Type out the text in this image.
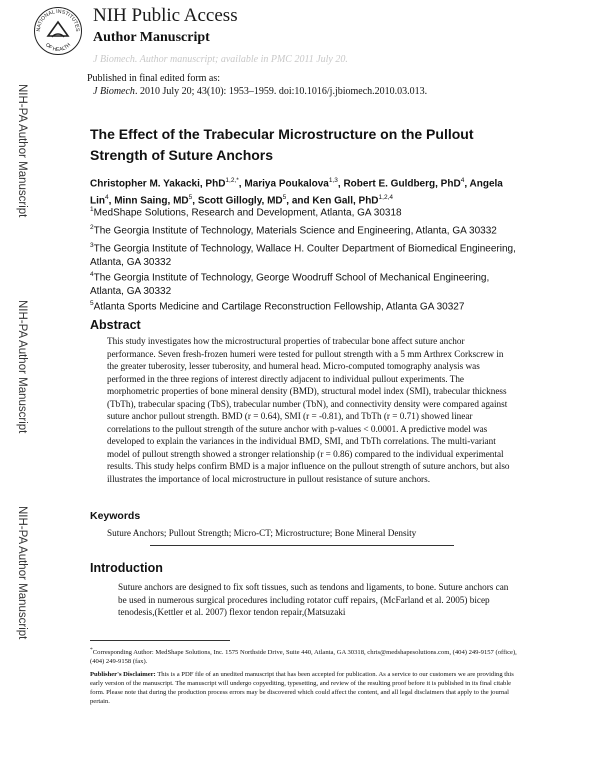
NATIONAL INSTITUTES
OF HEALTH
NIH Public Access
Author Manuscript
J Biomech. Author manuscript; available in PMC 2011 July 20.
Published in final edited form as:
J Biomech. 2010 July 20; 43(10): 1953–1959. doi:10.1016/j.jbiomech.2010.03.013.
NIH-PA Author Manuscript
NIH-PA Author Manuscript
NIH-PA Author Manuscript
The Effect of the Trabecular Microstructure on the Pullout Strength of Suture Anchors
Christopher M. Yakacki, PhD$^{1,2,*}$, Mariya Poukalova$^{1,3}$, Robert E. Guldberg, PhD$^4$, Angela Lin$^4$, Minn Saing, $MD^5$, Scott Gillogly, $MD^5$, and Ken Gall, PhD$^{1,2,4}$
$^1$MedShape Solutions, Research and Development, Atlanta, GA 30318
$^2$The Georgia Institute of Technology, Materials Science and Engineering, Atlanta, GA 30332
$^3$The Georgia Institute of Technology, Wallace H. Coulter Department of Biomedical Engineering, Atlanta, GA 30332
$^4$The Georgia Institute of Technology, George Woodruff School of Mechanical Engineering, Atlanta, GA 30332
$^5$Atlanta Sports Medicine and Cartilage Reconstruction Fellowship, Atlanta GA 30327
Abstract
This study investigates how the microstructural properties of trabecular bone affect suture anchor performance. Seven fresh-frozen humeri were tested for pullout strength with a 5 mm Arthrex Corkscrew in the greater tuberosity, lesser tuberosity, and humeral head. Micro-computed tomography analysis was performed in the three regions of interest directly adjacent to individual pullout experiments. The morphometric properties of bone mineral density (BMD), structural model index (SMI), trabecular thickness (TbTh), trabecular spacing (TbS), trabecular number (TbN), and connectivity density were compared against suture anchor pullout strength. BMD (r = 0.64), SMI (r = -0.81), and TbTh (r = 0.71) showed linear correlations to the pullout strength of the suture anchor with p-values < 0.0001. A predictive model was developed to explain the variances in the individual BMD, SMI, and TbTh correlations. The multi-variant model of pullout strength showed a stronger relationship (r = 0.86) compared to the individual experimental results. This study helps confirm BMD is a major influence on the pullout strength of suture anchors, but also illustrates the importance of local microstructure in pullout resistance of suture anchors.
Keywords
Suture Anchors; Pullout Strength; Micro-CT; Microstructure; Bone Mineral Density
Introduction
Suture anchors are designed to fix soft tissues, such as tendons and ligaments, to bone. Suture anchors can be used in numerous surgical procedures including rotator cuff repairs, (McFarland et al. 2005) bicep tenodesis,(Kettler et al. 2007) flexor tendon repair,(Matsuzaki
*Corresponding Author: MedShape Solutions, Inc. 1575 Northside Drive, Suite 440, Atlanta, GA 30318, chris@medshapesolutions.com, (404) 249-9157 (office), (404) 249-9158 (fax).
Publisher's Disclaimer: This is a PDF file of an unedited manuscript that has been accepted for publication. As a service to our customers we are providing this early version of the manuscript. The manuscript will undergo copyediting, typesetting, and review of the resulting proof before it is published in its final citable form. Please note that during the production process errors may be discovered which could affect the content, and all legal disclaimers that apply to the journal pertain.
